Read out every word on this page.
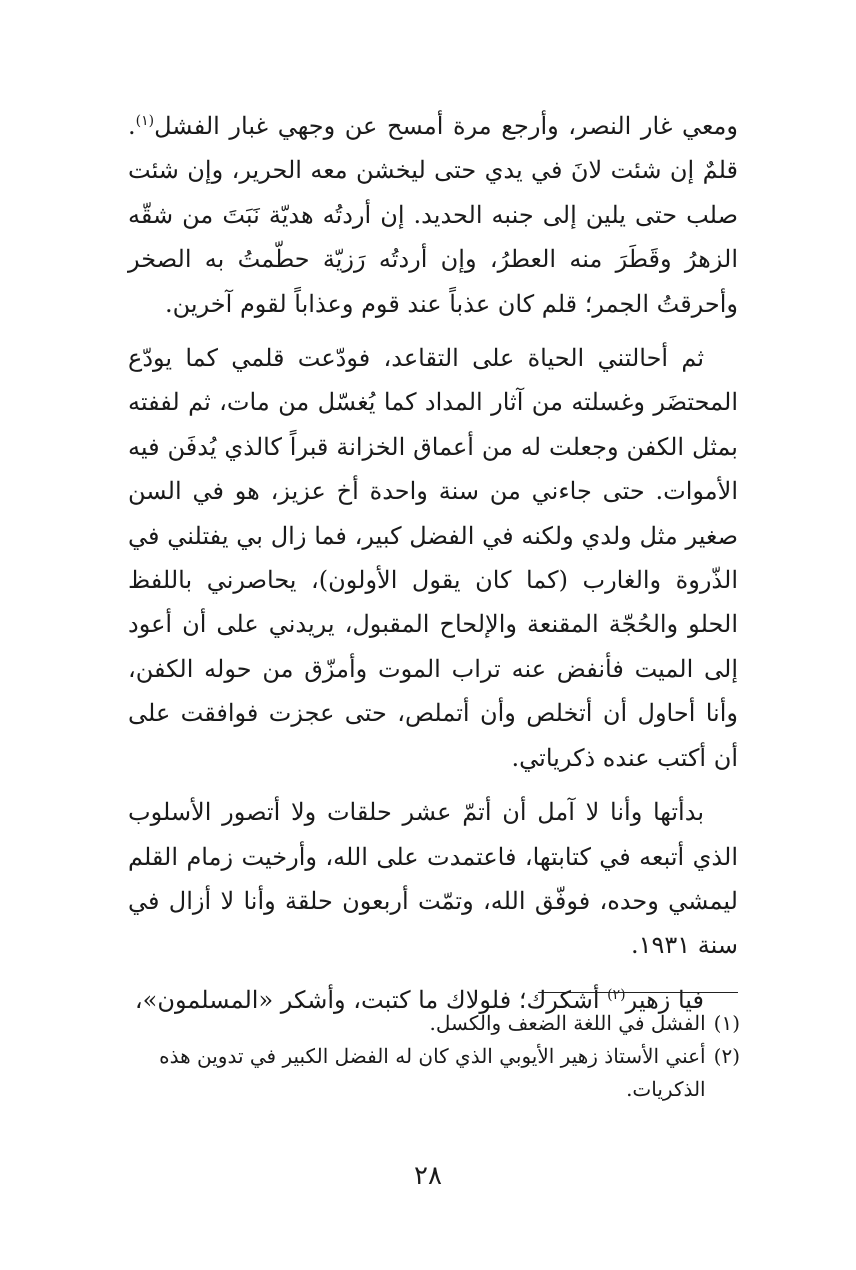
ومعي غار النصر، وأرجع مرة أمسح عن وجهي غبار الفشل$^{(١)}$. قلمٌ إن شئت لانَ في يدي حتى ليخشن معه الحرير، وإن شئت صلب حتى يلين إلى جنبه الحديد. إن أردتُه هديّة نَبَتَ من شقّه الزهرُ وقَطَرَ منه العطرُ، وإن أردتُه رَزيّة حطّمتُ به الصخر وأحرقتُ الجمر؛ قلم كان عذباً عند قوم وعذاباً لقوم آخرين.

ثم أحالتني الحياة على التقاعد، فودّعت قلمي كما يودّع المحتضَر وغسلته من آثار المداد كما يُغسّل من مات، ثم لففته بمثل الكفن وجعلت له من أعماق الخزانة قبراً كالذي يُدفَن فيه الأموات. حتى جاءني من سنة واحدة أخ عزيز، هو في السن صغير مثل ولدي ولكنه في الفضل كبير، فما زال بي يفتلني في الذّروة والغارب (كما كان يقول الأولون)، يحاصرني باللفظ الحلو والحُجّة المقنعة والإلحاح المقبول، يريدني على أن أعود إلى الميت فأنفض عنه تراب الموت وأمزّق من حوله الكفن، وأنا أحاول أن أتخلص وأن أتملص، حتى عجزت فوافقت على أن أكتب عنده ذكرياتي.

بدأتها وأنا لا آمل أن أتمّ عشر حلقات ولا أتصور الأسلوب الذي أتبعه في كتابتها، فاعتمدت على الله، وأرخيت زمام القلم ليمشي وحده، فوفّق الله، وتمّت أربعون حلقة وأنا لا أزال في سنة ١٩٣١.

فيا زهير$^{(٢)}$ أشكرك؛ فلولاك ما كتبت، وأشكر «المسلمون»،

(١)
الفشل في اللغة الضعف والكسل.
(٢)
أعني الأستاذ زهير الأيوبي الذي كان له الفضل الكبير في تدوين هذه الذكريات.
٢٨
